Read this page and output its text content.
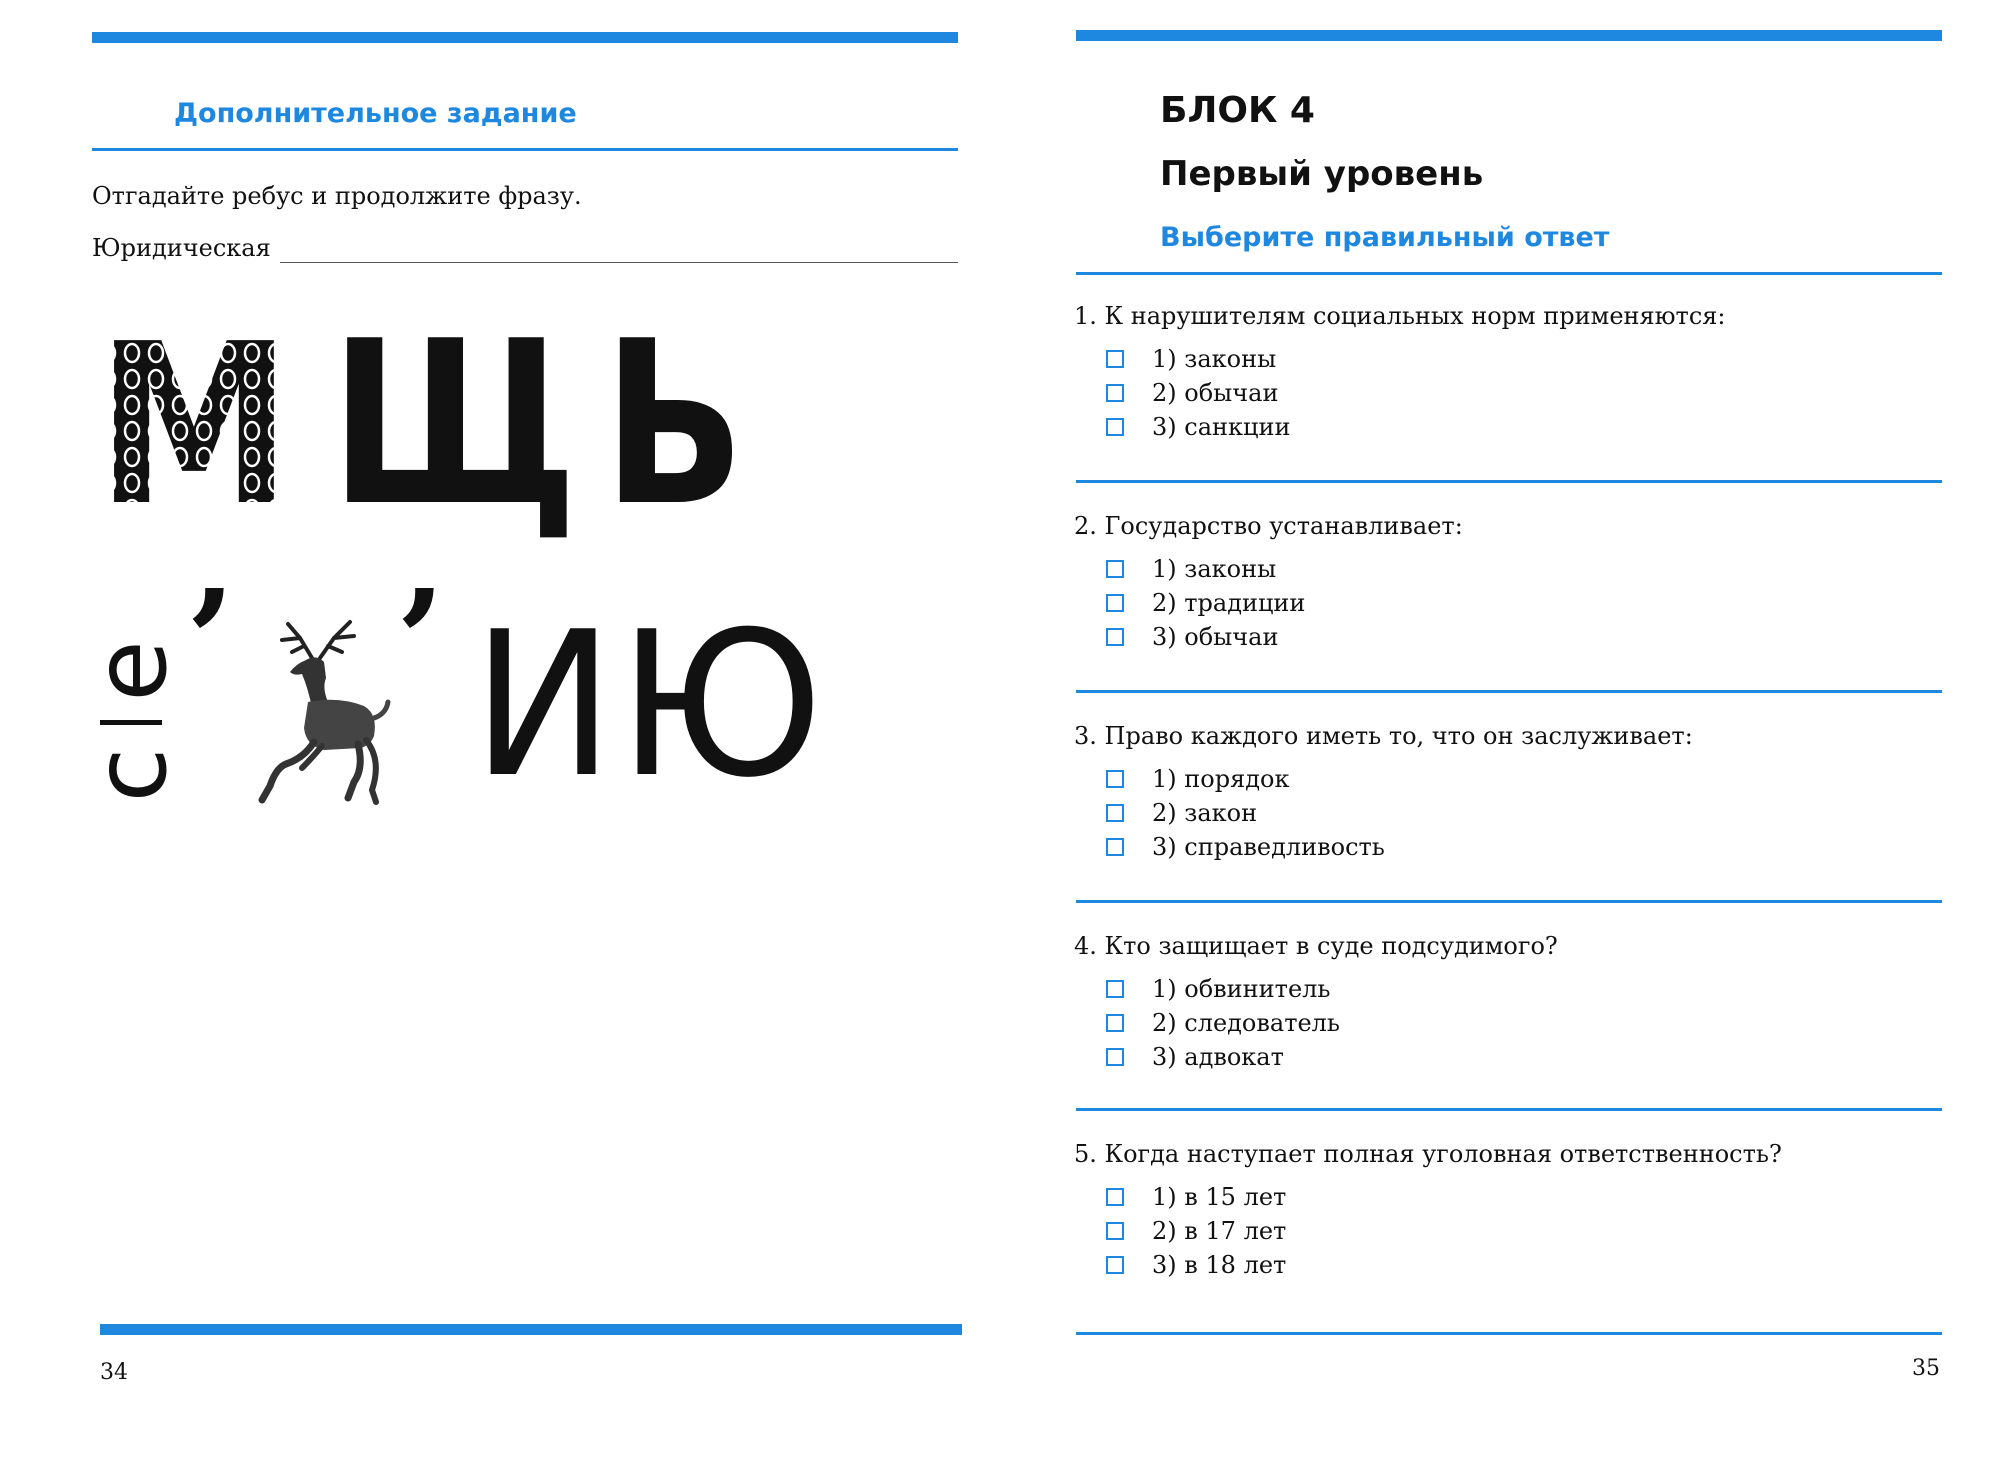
Дополнительное задание
Отгадайте ребус и продолжите фразу.
Юридическая
М ЩЬ
е
с
’ ’ ИЮ
34
БЛОК 4
Первый уровень
Выберите правильный ответ
1. К нарушителям социальных норм применяются:
1) законы
2) обычаи
3) санкции
2. Государство устанавливает:
1) законы
2) традиции
3) обычаи
3. Право каждого иметь то, что он заслуживает:
1) порядок
2) закон
3) справедливость
4. Кто защищает в суде подсудимого?
1) обвинитель
2) следователь
3) адвокат
5. Когда наступает полная уголовная ответственность?
1) в 15 лет
2) в 17 лет
3) в 18 лет
35
